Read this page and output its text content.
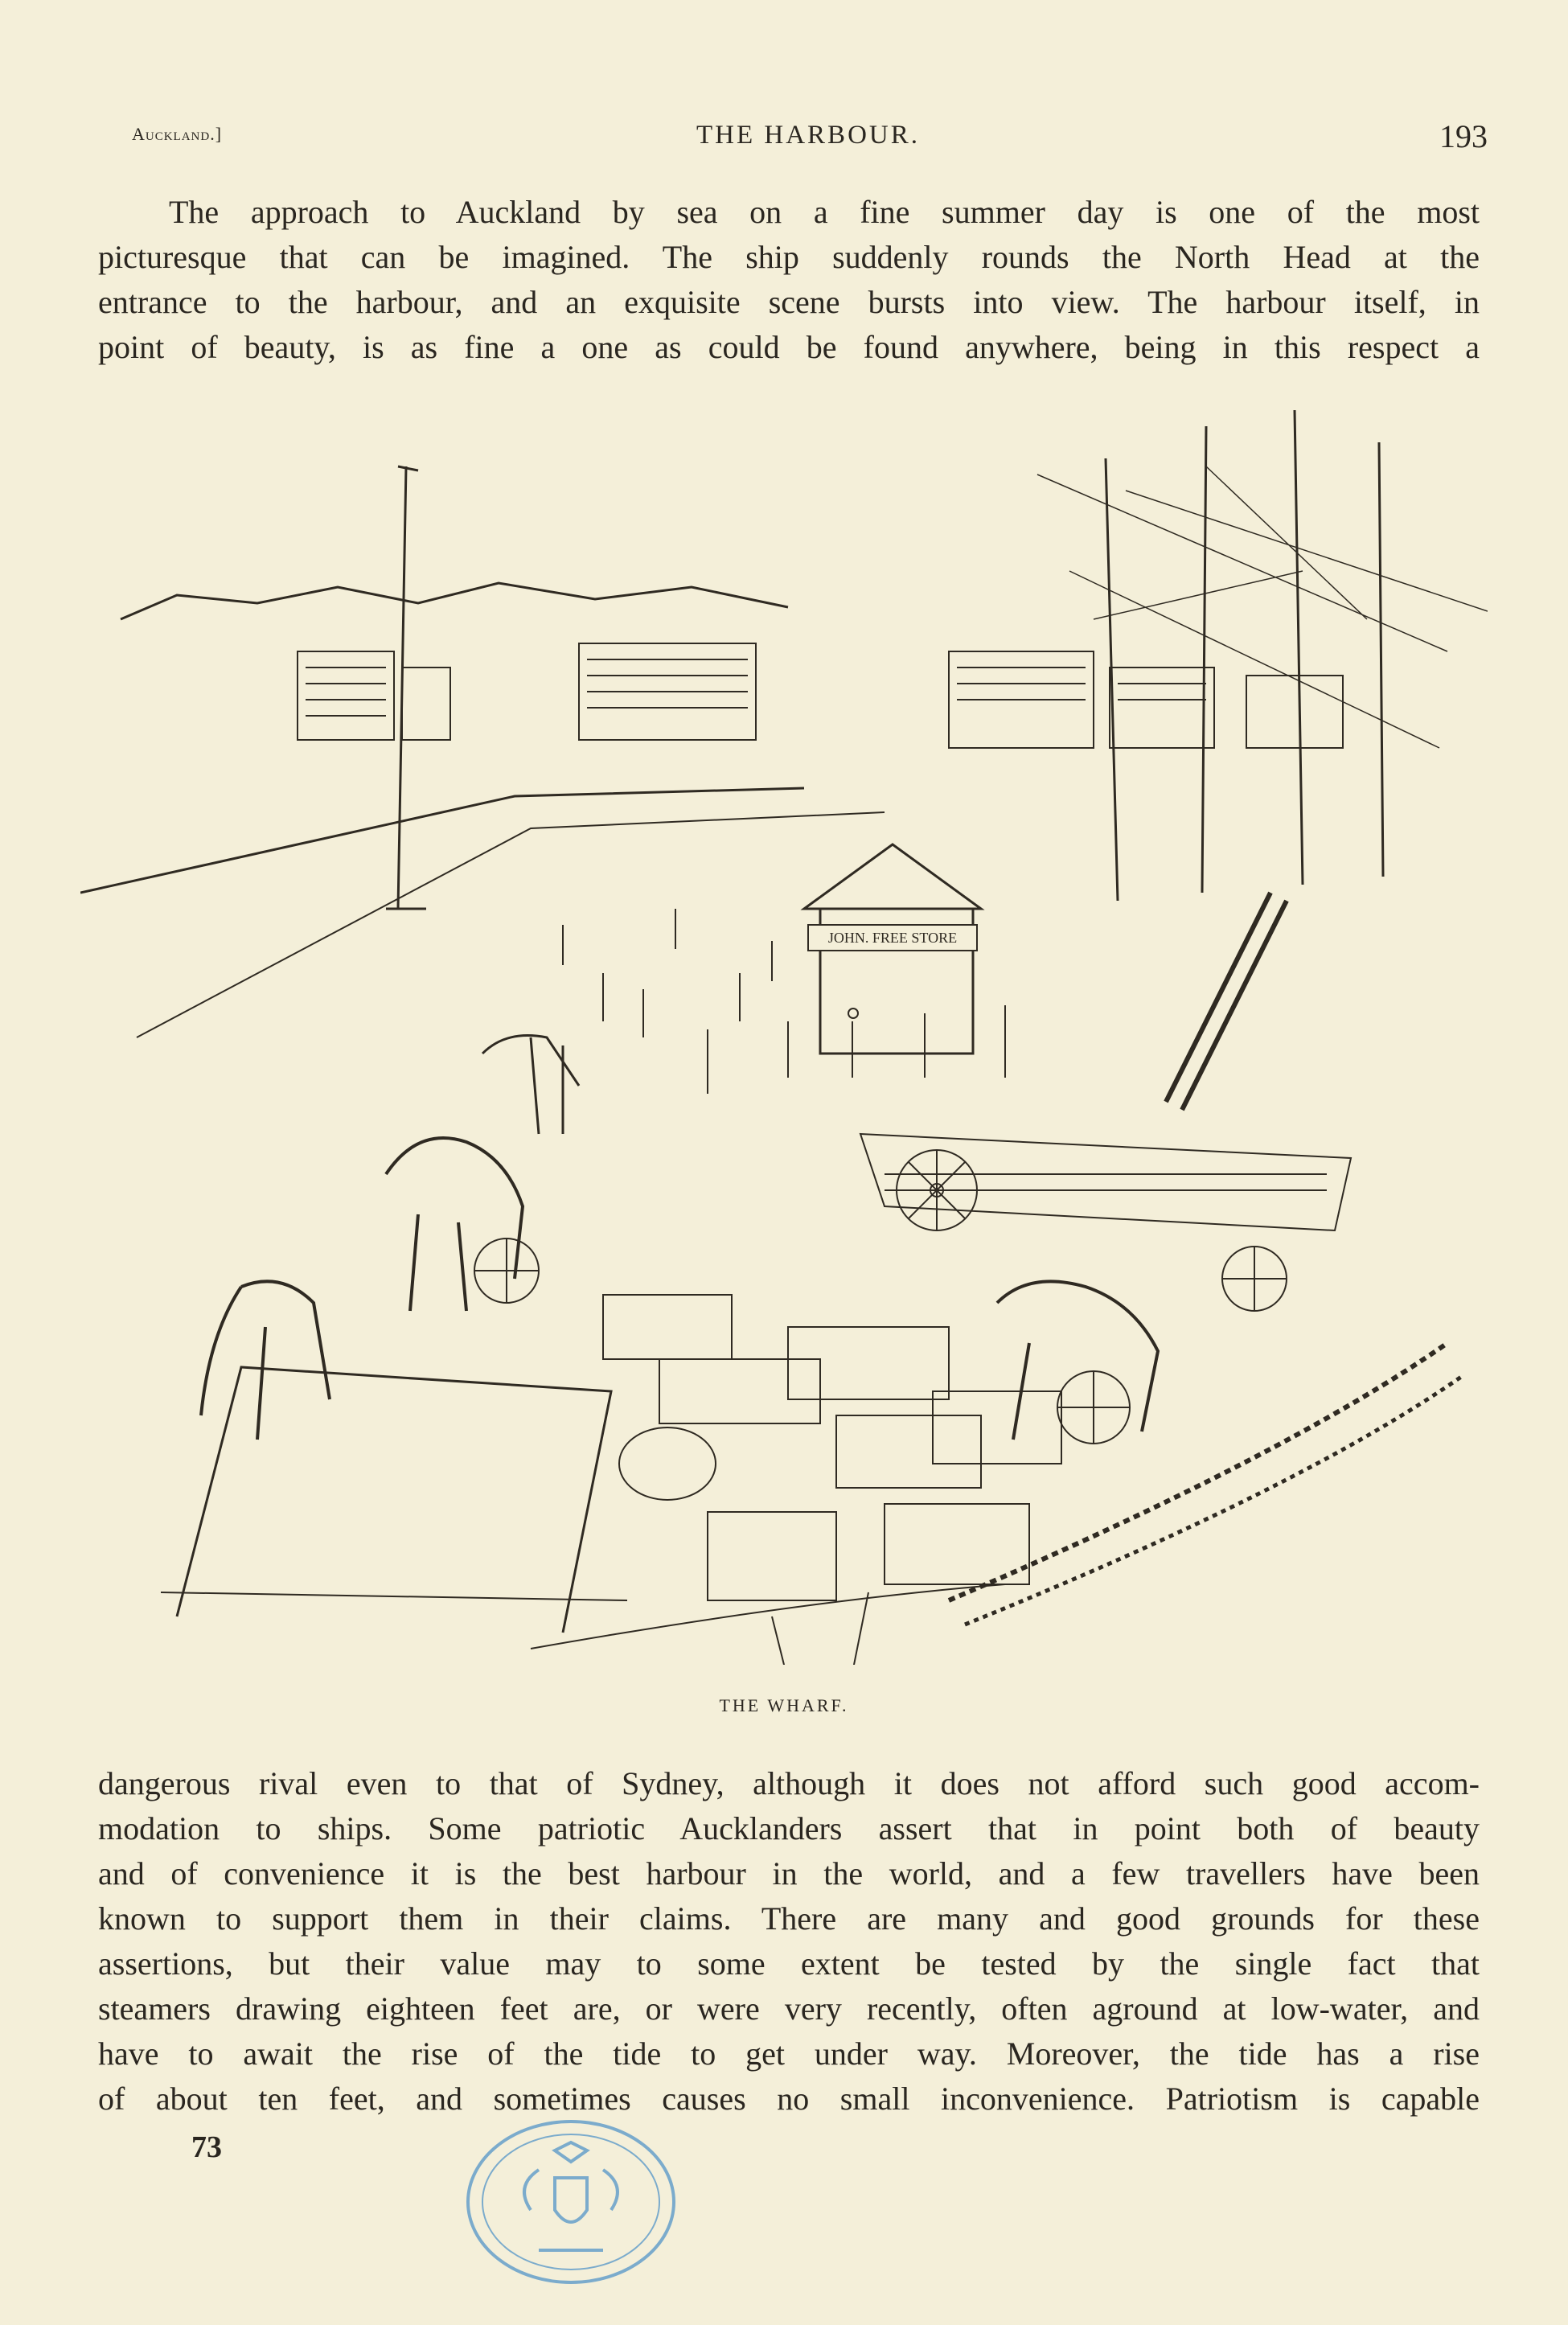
Auckland.]	THE HARBOUR.	193
The approach to Auckland by sea on a fine summer day is one of the most
picturesque that can be imagined. The ship suddenly rounds the North Head at the
entrance to the harbour, and an exquisite scene bursts into view. The harbour itself, in
point of beauty, is as fine a one as could be found anywhere, being in this respect a
JOHN. FREE STORE
THE WHARF.
dangerous rival even to that of Sydney, although it does not afford such good accom-
modation to ships. Some patriotic Aucklanders assert that in point both of beauty
and of convenience it is the best harbour in the world, and a few travellers have been
known to support them in their claims. There are many and good grounds for these
assertions, but their value may to some extent be tested by the single fact that
steamers drawing eighteen feet are, or were very recently, often aground at low-water, and
have to await the rise of the tide to get under way. Moreover, the tide has a rise
of about ten feet, and sometimes causes no small inconvenience. Patriotism is capable
73
